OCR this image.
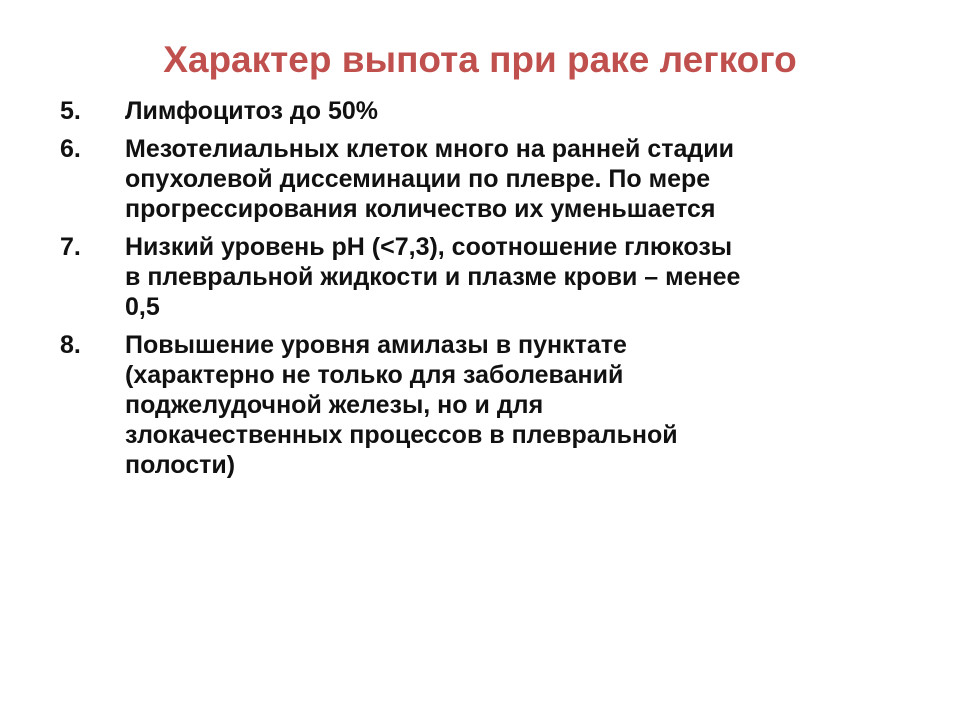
Характер выпота при раке легкого
5.	Лимфоцитоз до 50%
6.	Мезотелиальных клеток много на ранней стадии
опухолевой диссеминации по плевре. По мере
прогрессирования количество их уменьшается
7.	Низкий уровень рН (<7,3), соотношение глюкозы
в плевральной жидкости и плазме крови – менее
0,5
8.	Повышение уровня амилазы в пунктате
(характерно не только для заболеваний
поджелудочной железы, но и для
злокачественных процессов в плевральной
полости)
